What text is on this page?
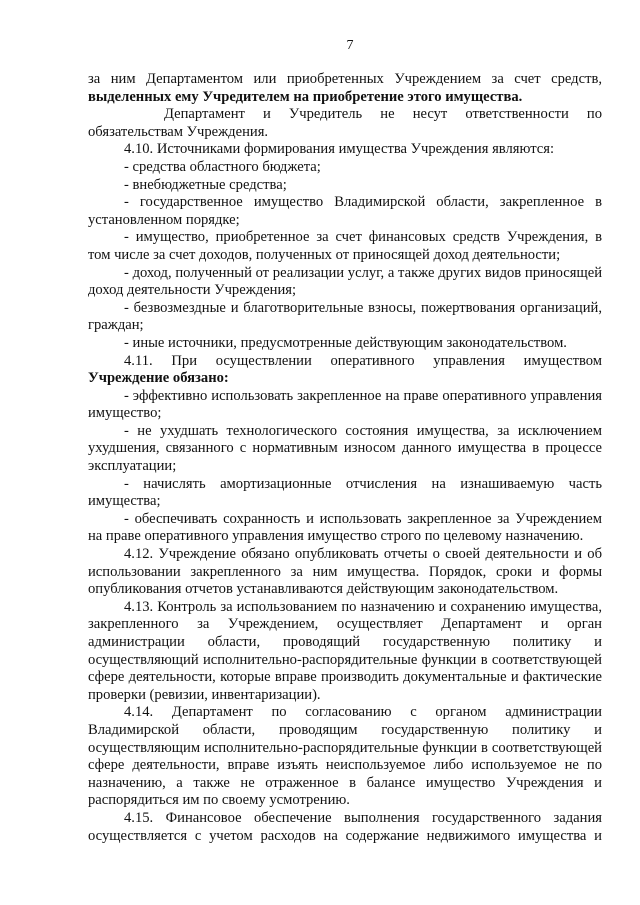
7

за ним Департаментом или приобретенных Учреждением за счет средств,

выделенных ему Учредителем на приобретение этого имущества.

Департамент и Учредитель не несут ответственности по обязательствам Учреждения.

4.10. Источниками формирования имущества Учреждения являются:

- средства областного бюджета;

- внебюджетные средства;

- государственное имущество Владимирской области, закрепленное в установленном порядке;

- имущество, приобретенное за счет финансовых средств Учреждения, в том числе за счет доходов, полученных от приносящей доход деятельности;

- доход, полученный от реализации услуг, а также других видов приносящей доход деятельности Учреждения;

- безвозмездные и благотворительные взносы, пожертвования организаций, граждан;

- иные источники, предусмотренные действующим законодательством.

4.11. При осуществлении оперативного управления имуществом

Учреждение обязано:

- эффективно использовать закрепленное на праве оперативного управления имущество;

- не ухудшать технологического состояния имущества, за исключением ухудшения, связанного с нормативным износом данного имущества в процессе эксплуатации;

- начислять амортизационные отчисления на изнашиваемую часть имущества;

- обеспечивать сохранность и использовать закрепленное за Учреждением на праве оперативного управления имущество строго по целевому назначению.

4.12. Учреждение обязано опубликовать отчеты о своей деятельности и об использовании закрепленного за ним имущества. Порядок, сроки и формы опубликования отчетов устанавливаются действующим законодательством.

4.13. Контроль за использованием по назначению и сохранению имущества, закрепленного за Учреждением, осуществляет Департамент и орган администрации области, проводящий государственную политику и осуществляющий исполнительно-распорядительные функции в соответствующей сфере деятельности, которые вправе производить документальные и фактические проверки (ревизии, инвентаризации).

4.14. Департамент по согласованию с органом администрации Владимирской области, проводящим государственную политику и осуществляющим исполнительно-распорядительные функции в соответствующей сфере деятельности, вправе изъять неиспользуемое либо используемое не по назначению, а также не отраженное в балансе имущество Учреждения и распорядиться им по своему усмотрению.

4.15. Финансовое обеспечение выполнения государственного задания осуществляется с учетом расходов на содержание недвижимого имущества и
